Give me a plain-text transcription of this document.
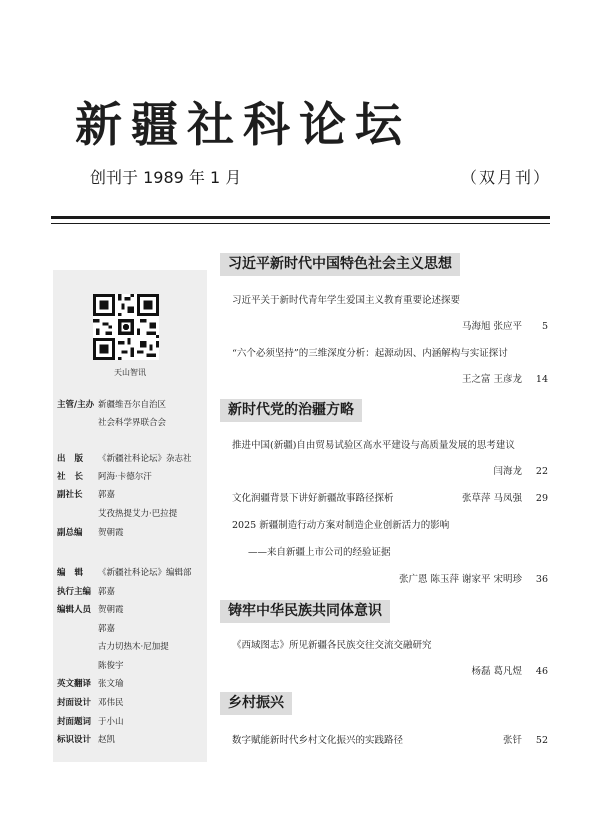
新疆社科论坛
创刊于 1989 年 1 月	（双月刊）
天山智讯
主管/主办 新疆维吾尔自治区
社会科学界联合会
出版 《新疆社科论坛》杂志社
社长 阿海·卡德尔汗
副社长 郭嘉
艾孜热提艾力·巴拉提
副总编 贺朝霞
编辑 《新疆社科论坛》编辑部
执行主编 郭嘉
编辑人员 贺朝霞
郭嘉
古力切热木·尼加提
陈俊宇
英文翻译 张文瑜
封面设计 邓伟民
封面题词 于小山
标识设计 赵凯
习近平新时代中国特色社会主义思想
习近平关于新时代青年学生爱国主义教育重要论述探要
马海旭 张应平 5
“六个必须坚持”的三维深度分析：起源动因、内涵解构与实证探讨
王之富 王彦龙 14
新时代党的治疆方略
推进中国(新疆)自由贸易试验区高水平建设与高质量发展的思考建议
闫海龙 22
文化润疆背景下讲好新疆故事路径探析	张草萍 马凤强 29
2025 新疆制造行动方案对制造企业创新活力的影响
——来自新疆上市公司的经验证据
张广恩 陈玉萍 谢家平 宋明珍 36
铸牢中华民族共同体意识
《西域图志》所见新疆各民族交往交流交融研究
杨磊 葛凡煜 46
乡村振兴
数字赋能新时代乡村文化振兴的实践路径	张钎 52
